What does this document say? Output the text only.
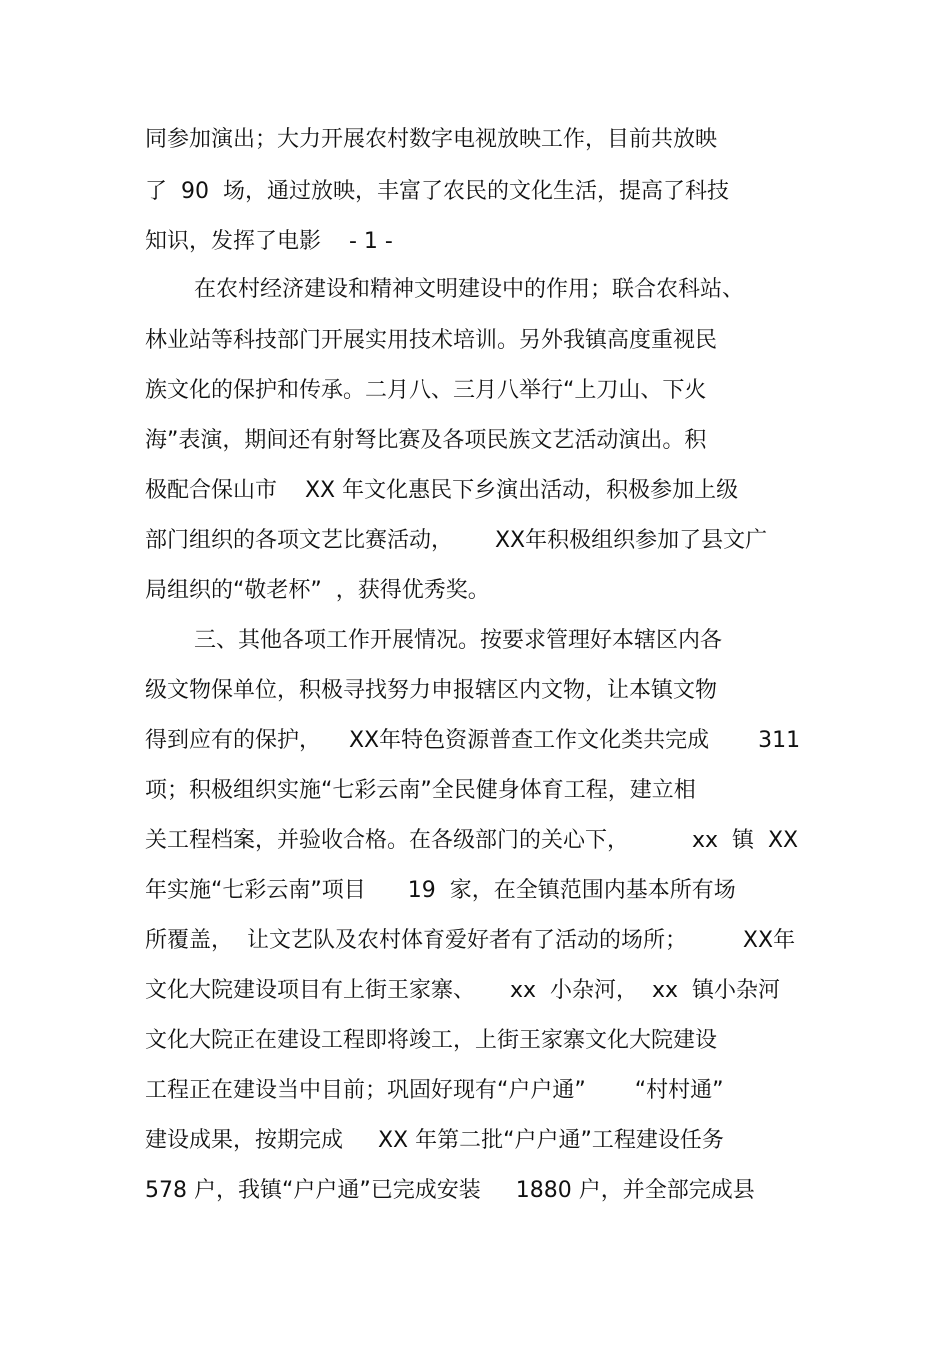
同参加演出；大力开展农村数字电视放映工作，目前共放映
了  90  场，通过放映，丰富了农民的文化生活，提高了科技
知识，发挥了电影    - 1 -
在农村经济建设和精神文明建设中的作用；联合农科站、
林业站等科技部门开展实用技术培训。另外我镇高度重视民
族文化的保护和传承。二月八、三月八举行“上刀山、下火
海”表演，期间还有射弩比赛及各项民族文艺活动演出。积
极配合保山市    XX 年文化惠民下乡演出活动，积极参加上级
部门组织的各项文艺比赛活动，      XX年积极组织参加了县文广
局组织的“敬老杯”  ，获得优秀奖。
三、其他各项工作开展情况。按要求管理好本辖区内各
级文物保单位，积极寻找努力申报辖区内文物，让本镇文物
得到应有的保护，    XX年特色资源普查工作文化类共完成       311
项；积极组织实施“七彩云南”全民健身体育工程，建立相
关工程档案，并验收合格。在各级部门的关心下，         xx  镇  XX
年实施“七彩云南”项目      19  家，在全镇范围内基本所有场
所覆盖，  让文艺队及农村体育爱好者有了活动的场所；        XX年
文化大院建设项目有上街王家寨、     xx  小杂河，  xx  镇小杂河
文化大院正在建设工程即将竣工，上街王家寨文化大院建设
工程正在建设当中目前；巩固好现有“户户通”       “村村通”
建设成果，按期完成     XX 年第二批“户户通”工程建设任务
578 户，我镇“户户通”已完成安装     1880 户，并全部完成县
